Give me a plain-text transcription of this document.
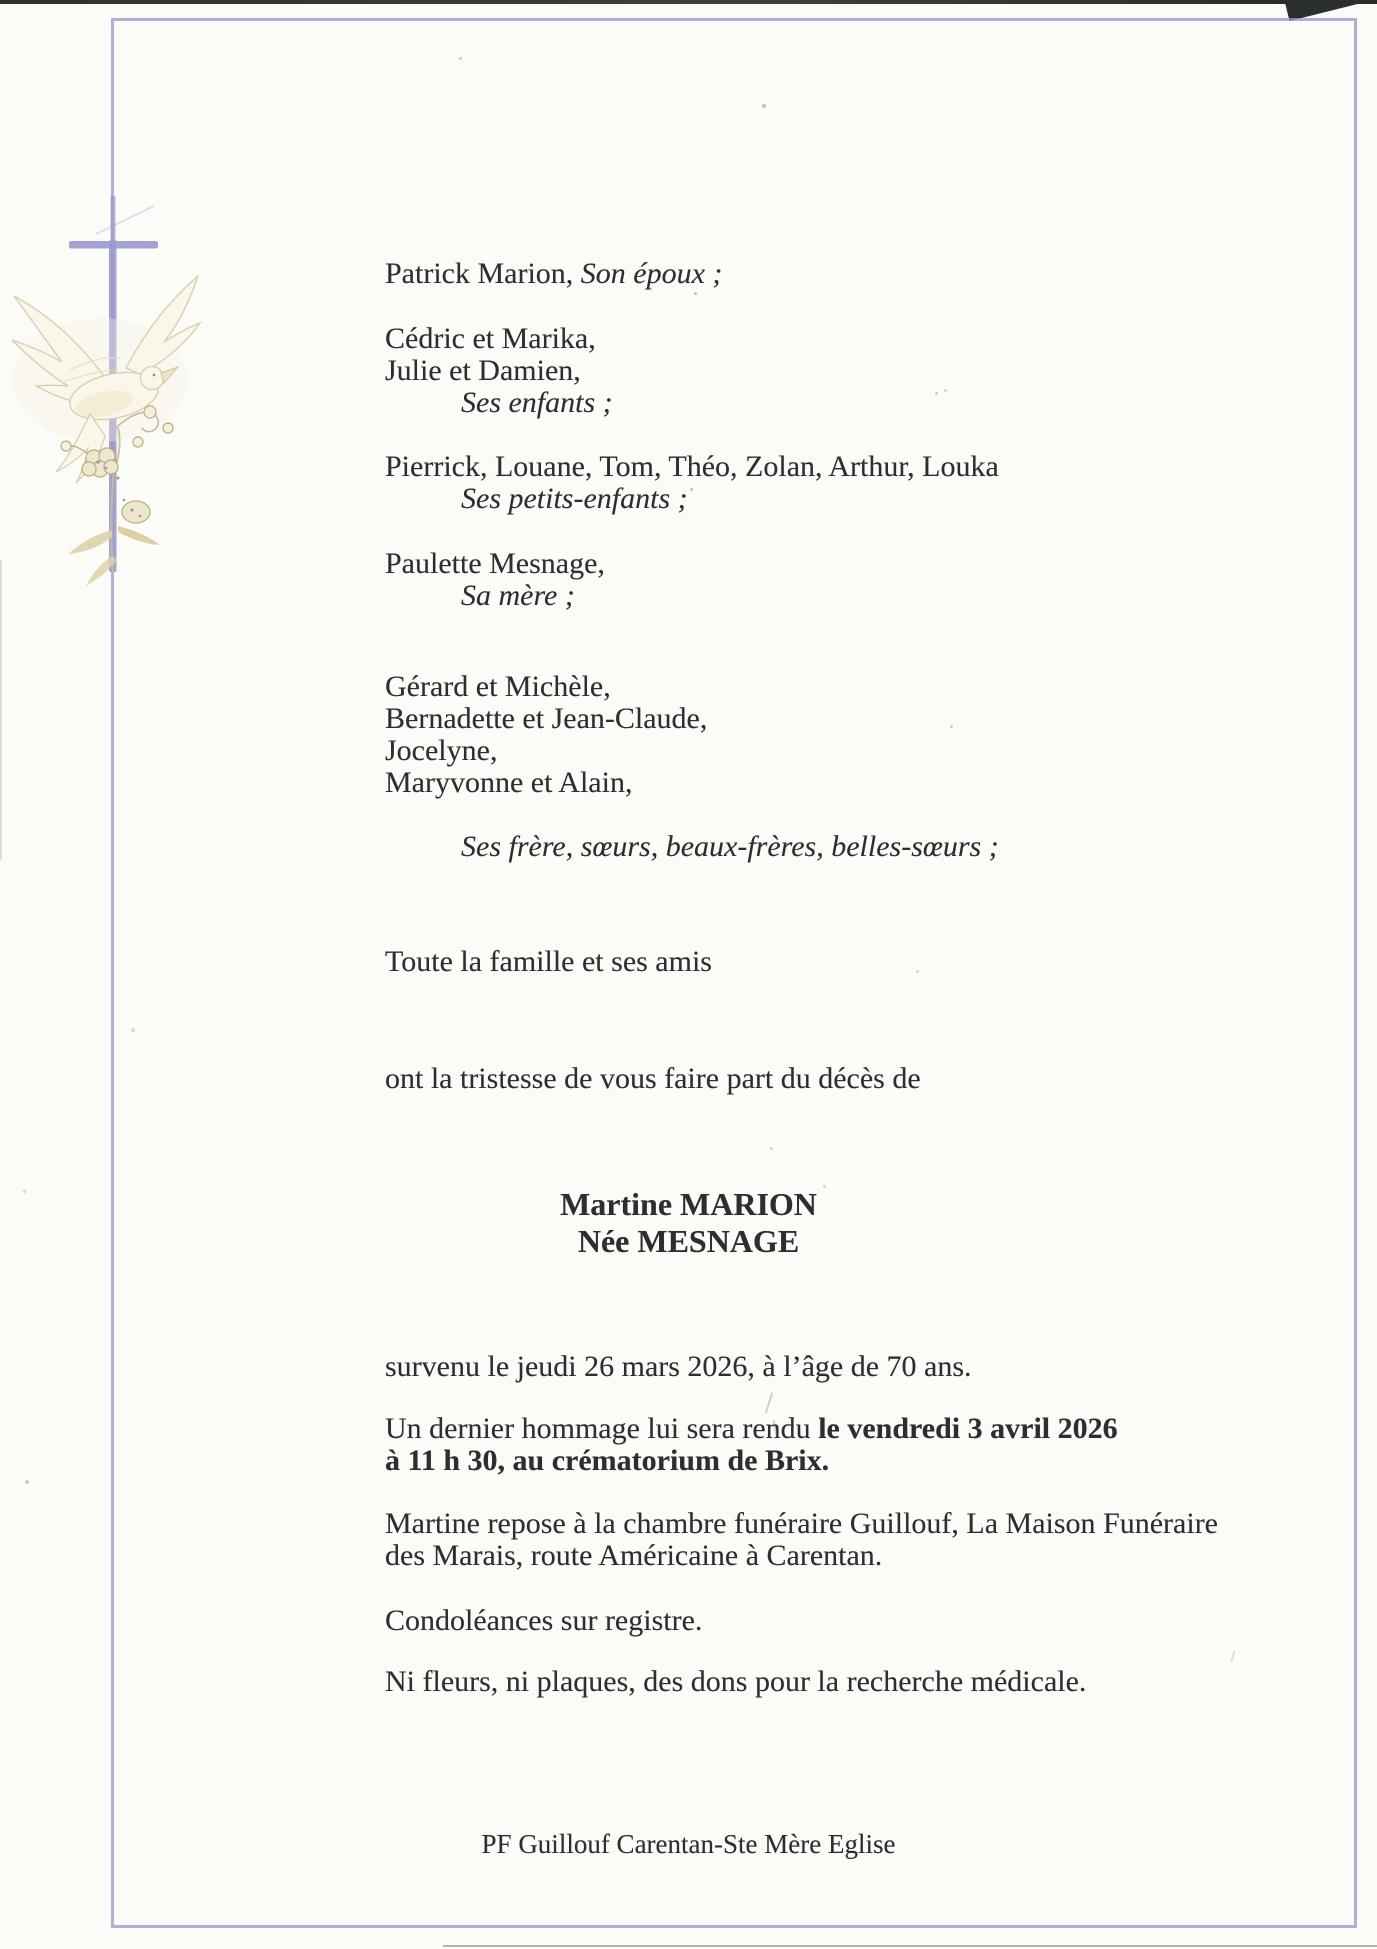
Patrick Marion, Son époux ;
Cédric et Marika,
Julie et Damien,
Ses enfants ;
Pierrick, Louane, Tom, Théo, Zolan, Arthur, Louka
Ses petits-enfants ;
Paulette Mesnage,
Sa mère ;
Gérard et Michèle,
Bernadette et Jean-Claude,
Jocelyne,
Maryvonne et Alain,
Ses frère, sœurs, beaux-frères, belles-sœurs ;
Toute la famille et ses amis
ont la tristesse de vous faire part du décès de
Martine MARION
Née MESNAGE
survenu le jeudi 26 mars 2026, à l’âge de 70 ans.
Un dernier hommage lui sera rendu le vendredi 3 avril 2026
à 11 h 30, au crématorium de Brix.
Martine repose à la chambre funéraire Guillouf, La Maison Funéraire
des Marais, route Américaine à Carentan.
Condoléances sur registre.
Ni fleurs, ni plaques, des dons pour la recherche médicale.
PF Guillouf Carentan-Ste Mère Eglise
